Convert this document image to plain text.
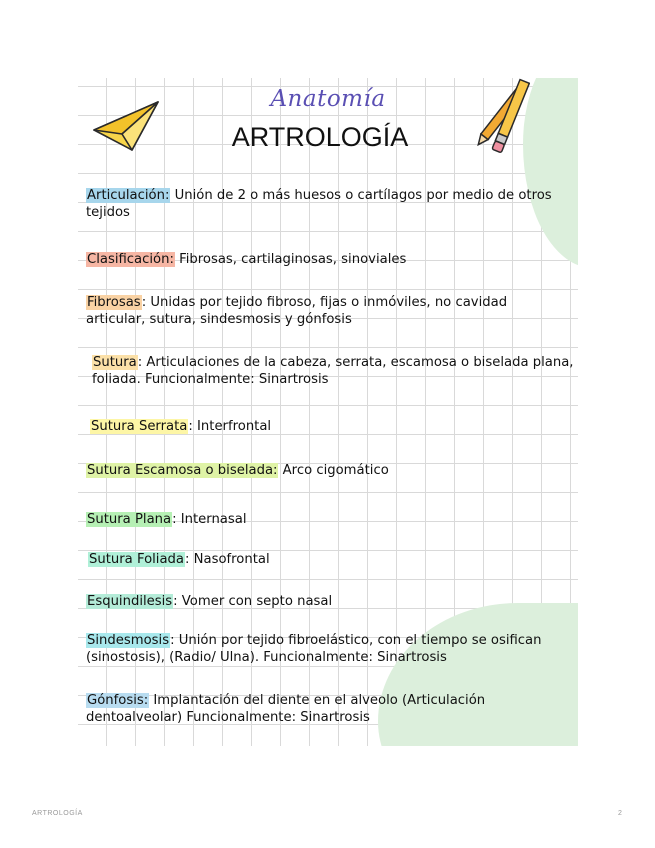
Anatomía
ARTROLOGÍA
Articulación: Unión de 2 o más huesos o cartílagos por medio de otros tejidos
Clasificación: Fibrosas, cartilaginosas, sinoviales
Fibrosas: Unidas por tejido fibroso, fijas o inmóviles, no cavidad articular, sutura, sindesmosis y gónfosis
Sutura: Articulaciones de la cabeza, serrata, escamosa o biselada plana, foliada. Funcionalmente: Sinartrosis
Sutura Serrata: Interfrontal
Sutura Escamosa o biselada: Arco cigomático
Sutura Plana: Internasal
Sutura Foliada: Nasofrontal
Esquindilesis: Vomer con septo nasal
Sindesmosis: Unión por tejido fibroelástico, con el tiempo se osifican (sinostosis), (Radio/ Ulna). Funcionalmente: Sinartrosis
Gónfosis: Implantación del diente en el alveolo (Articulación dentoalveolar) Funcionalmente: Sinartrosis
ARTROLOGÍA	2
